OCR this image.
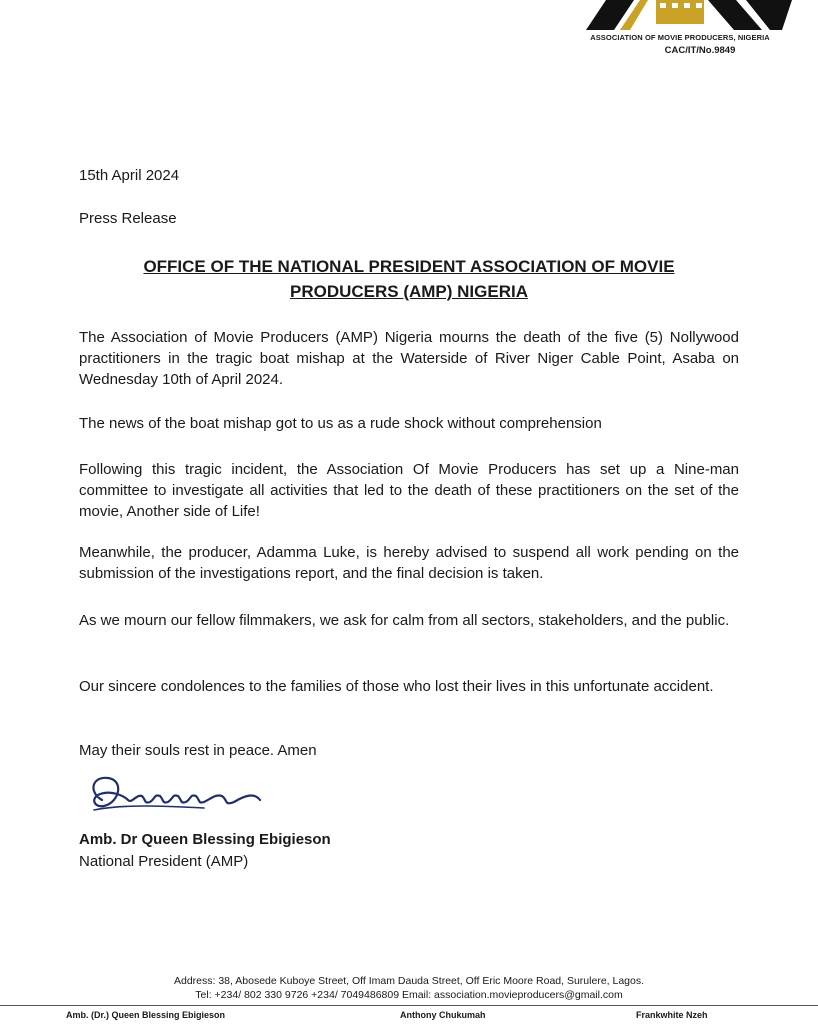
ASSOCIATION OF MOVIE PRODUCERS, NIGERIA
CAC/IT/No.9849
15th April 2024
Press Release
OFFICE OF THE NATIONAL PRESIDENT ASSOCIATION OF MOVIE PRODUCERS (AMP) NIGERIA
The Association of Movie Producers (AMP) Nigeria mourns the death of the five (5) Nollywood practitioners in the tragic boat mishap at the Waterside of River Niger Cable Point, Asaba on Wednesday 10th of April 2024.
The news of the boat mishap got to us as a rude shock without comprehension
Following this tragic incident, the Association Of Movie Producers has set up a Nine-man committee to investigate all activities that led to the death of these practitioners on the set of the movie, Another side of Life!
Meanwhile, the producer, Adamma Luke, is hereby advised to suspend all work pending on the submission of the investigations report, and the final decision is taken.
As we mourn our fellow filmmakers, we ask for calm from all sectors, stakeholders, and the public.
Our sincere condolences to the families of those who lost their lives in this unfortunate accident.
May their souls rest in peace. Amen
Amb. Dr Queen Blessing Ebigieson
National President (AMP)
Address: 38, Abosede Kuboye Street, Off Imam Dauda Street, Off Eric Moore Road, Surulere, Lagos.
Tel: +234/ 802 330 9726 +234/ 7049486809 Email: association.movieproducers@gmail.com
Amb. (Dr.) Queen Blessing Ebigieson	Anthony Chukumah	Frankwhite Nzeh
